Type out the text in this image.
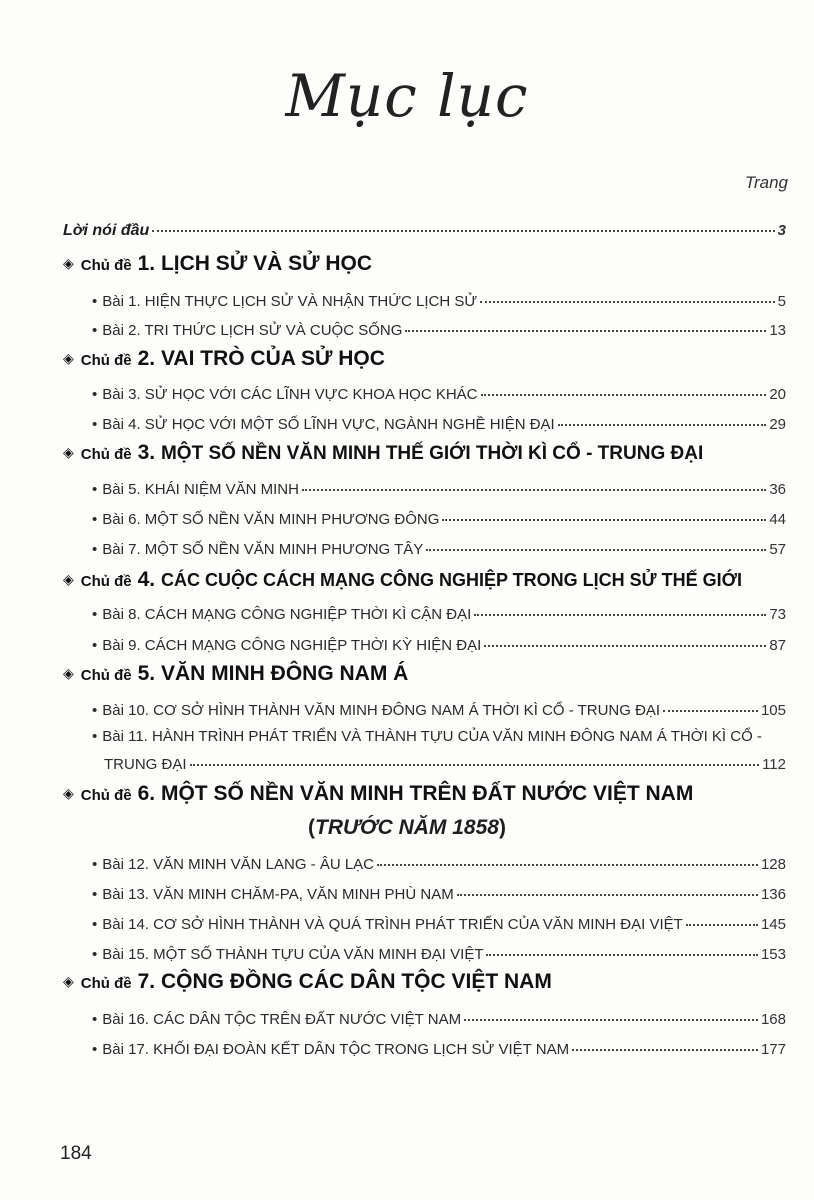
Mục lục
Trang
Lời nói đầu	3
◈ Chủ đề 1.
LỊCH SỬ VÀ SỬ HỌC
• Bài 1. HIỆN THỰC LỊCH SỬ VÀ NHẬN THỨC LỊCH SỬ	5
• Bài 2. TRI THỨC LỊCH SỬ VÀ CUỘC SỐNG	13
◈ Chủ đề 2.
VAI TRÒ CỦA SỬ HỌC
• Bài 3. SỬ HỌC VỚI CÁC LĨNH VỰC KHOA HỌC KHÁC	20
• Bài 4. SỬ HỌC VỚI MỘT SỐ LĨNH VỰC, NGÀNH NGHỀ HIỆN ĐẠI	29
◈ Chủ đề 3.
MỘT SỐ NỀN VĂN MINH THẾ GIỚI THỜI KÌ CỔ - TRUNG ĐẠI
• Bài 5. KHÁI NIỆM VĂN MINH	36
• Bài 6. MỘT SỐ NỀN VĂN MINH PHƯƠNG ĐÔNG	44
• Bài 7. MỘT SỐ NỀN VĂN MINH PHƯƠNG TÂY	57
◈ Chủ đề 4.
CÁC CUỘC CÁCH MẠNG CÔNG NGHIỆP TRONG LỊCH SỬ THẾ GIỚI
• Bài 8. CÁCH MẠNG CÔNG NGHIỆP THỜI KÌ CẬN ĐẠI	73
• Bài 9. CÁCH MẠNG CÔNG NGHIỆP THỜI KỲ HIỆN ĐẠI	87
◈ Chủ đề 5.
VĂN MINH ĐÔNG NAM Á
• Bài 10. CƠ SỞ HÌNH THÀNH VĂN MINH ĐÔNG NAM Á THỜI KÌ CỔ - TRUNG ĐẠI	105
• Bài 11. HÀNH TRÌNH PHÁT TRIỂN VÀ THÀNH TỰU CỦA VĂN MINH ĐÔNG NAM Á THỜI KÌ CỔ -
TRUNG ĐẠI	112
◈ Chủ đề 6.
MỘT SỐ NỀN VĂN MINH TRÊN ĐẤT NƯỚC VIỆT NAM
(TRƯỚC NĂM 1858)
• Bài 12. VĂN MINH VĂN LANG - ÂU LẠC	128
• Bài 13. VĂN MINH CHĂM-PA, VĂN MINH PHÙ NAM	136
• Bài 14. CƠ SỞ HÌNH THÀNH VÀ QUÁ TRÌNH PHÁT TRIỂN CỦA VĂN MINH ĐẠI VIỆT	145
• Bài 15. MỘT SỐ THÀNH TỰU CỦA VĂN MINH ĐẠI VIỆT	153
◈ Chủ đề 7.
CỘNG ĐỒNG CÁC DÂN TỘC VIỆT NAM
• Bài 16. CÁC DÂN TỘC TRÊN ĐẤT NƯỚC VIỆT NAM	168
• Bài 17. KHỐI ĐẠI ĐOÀN KẾT DÂN TỘC TRONG LỊCH SỬ VIỆT NAM	177
184
